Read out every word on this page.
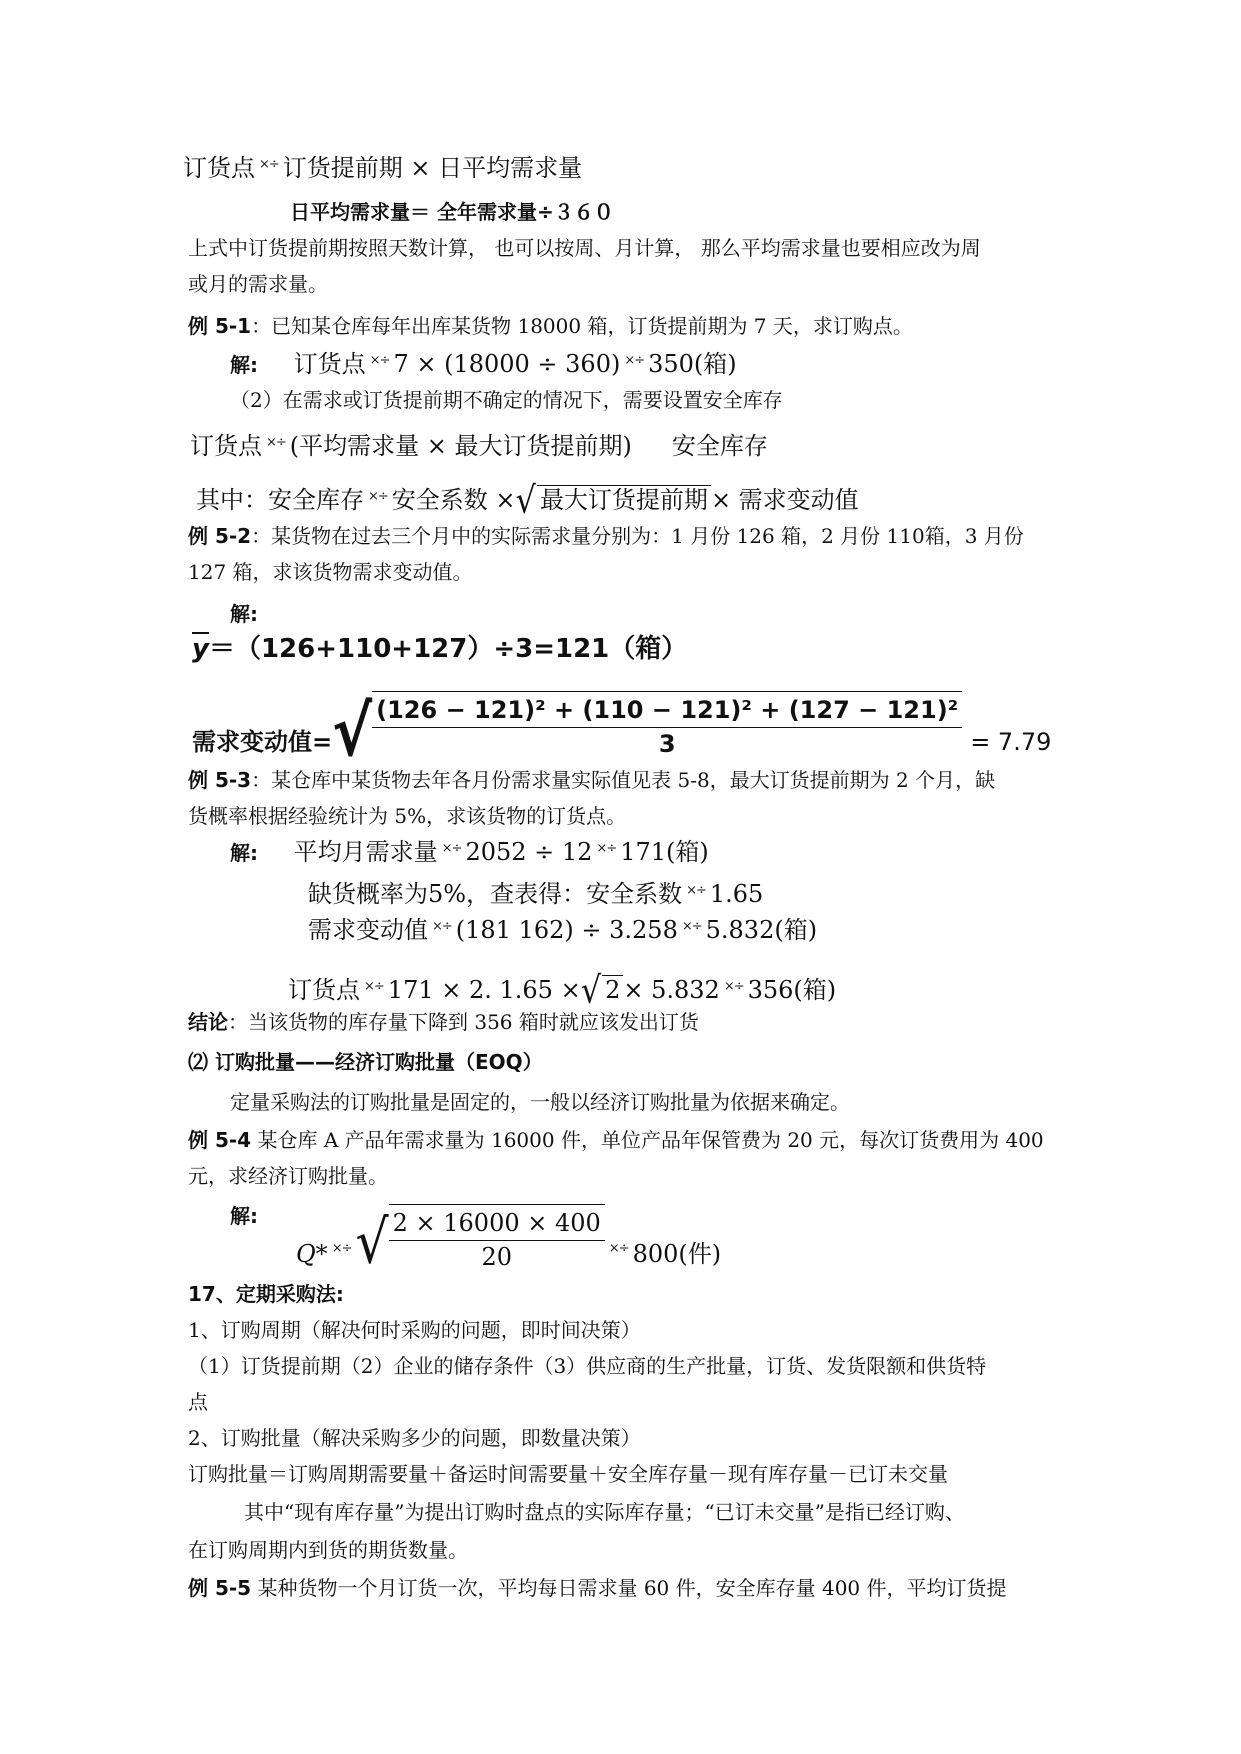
订货点 ×÷ 订货提前期 × 日平均需求量
日平均需求量＝ 全年需求量÷３６０
上式中订货提前期按照天数计算， 也可以按周、月计算， 那么平均需求量也要相应改为周
或月的需求量。
例 5-1：已知某仓库每年出库某货物 18000 箱，订货提前期为 7 天，求订购点。
解: 订货点 ×÷ 7 × (18000 ÷ 360) ×÷ 350(箱)
（2）在需求或订货提前期不确定的情况下，需要设置安全库存
订货点 ×÷ (平均需求量 × 最大订货提前期) 安全库存
其中：安全库存 ×÷ 安全系数 ×√ 最大订货提前期 × 需求变动值
例 5-2：某货物在过去三个月中的实际需求量分别为：1 月份 126 箱，2 月份 110箱，3 月份
127 箱，求该货物需求变动值。
解:
$\overline{y}=(126+110+127)\div 3=121$（箱）
需求变动值=√ $\frac{\text{(126 − 121)² + (110 − 121)² + (127 − 121)²}}{3} = 7.79$
例 5-3：某仓库中某货物去年各月份需求量实际值见表 5-8，最大订货提前期为 2 个月，缺
货概率根据经验统计为 5%，求该货物的订货点。
解: 平均月需求量 ×÷ 2052 ÷ 12 ×÷ 171(箱)
缺货概率为5%，查表得：安全系数 ×÷ 1.65
需求变动值 ×÷ (181 162) ÷ 3.258 ×÷ 5.832(箱)
订货点 ×÷ 171 × 2. 1.65 ×√ 2 × 5.832 ×÷ 356(箱)
结论：当该货物的库存量下降到 356 箱时就应该发出订货
⑵ 订购批量——经济订购批量（EOQ）
定量采购法的订购批量是固定的，一般以经济订购批量为依据来确定。
例 5-4 某仓库 A 产品年需求量为 16000 件，单位产品年保管费为 20 元，每次订货费用为 400
元，求经济订购批量。
解:
Q* $_{\times\div}√ \frac{2 \times 16000 \times 400}{20} _{\times\div}$ 800(件)
17、定期采购法:
1、订购周期（解决何时采购的问题，即时间决策）
（1）订货提前期（2）企业的储存条件（3）供应商的生产批量，订货、发货限额和供货特
点
2、订购批量（解决采购多少的问题，即数量决策）
订购批量＝订购周期需要量＋备运时间需要量＋安全库存量－现有库存量－已订未交量
其中“现有库存量”为提出订购时盘点的实际库存量；“已订未交量”是指已经订购、
在订购周期内到货的期货数量。
例 5-5 某种货物一个月订货一次，平均每日需求量 60 件，安全库存量 400 件，平均订货提
